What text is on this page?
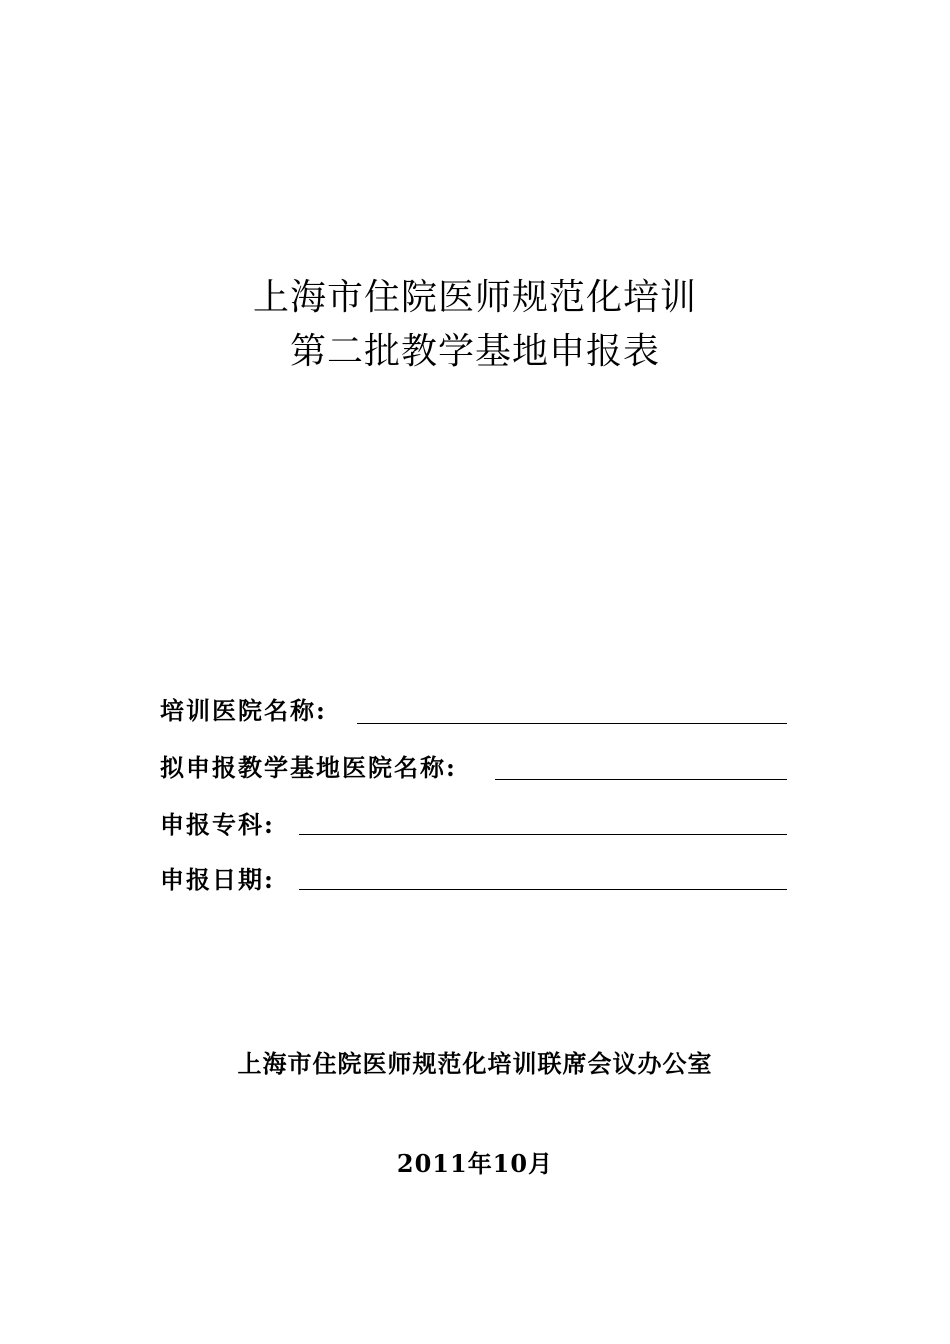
上海市住院医师规范化培训
第二批教学基地申报表
培训医院名称:
拟申报教学基地医院名称:
申报专科:
申报日期:
上海市住院医师规范化培训联席会议办公室
2011年10月
